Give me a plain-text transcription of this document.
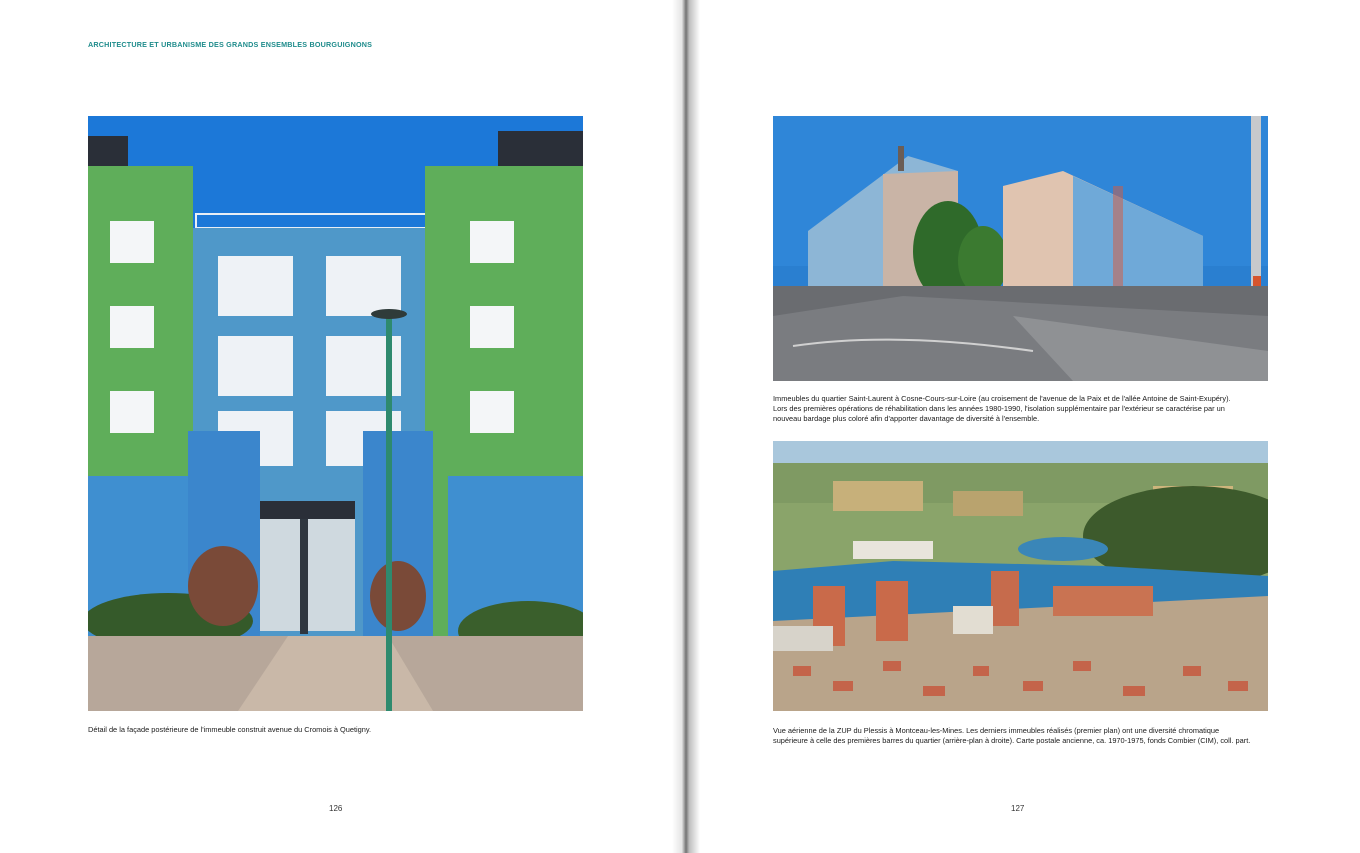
ARCHITECTURE ET URBANISME DES GRANDS ENSEMBLES BOURGUIGNONS
Détail de la façade postérieure de l'immeuble construit avenue du Cromois à Quetigny.
126
Immeubles du quartier Saint-Laurent à Cosne-Cours-sur-Loire (au croisement de l'avenue de la Paix et de l'allée Antoine de Saint-Exupéry).
Lors des premières opérations de réhabilitation dans les années 1980-1990, l'isolation supplémentaire par l'extérieur se caractérise par un
nouveau bardage plus coloré afin d'apporter davantage de diversité à l'ensemble.
Vue aérienne de la ZUP du Plessis à Montceau-les-Mines. Les derniers immeubles réalisés (premier plan) ont une diversité chromatique
supérieure à celle des premières barres du quartier (arrière-plan à droite). Carte postale ancienne, ca. 1970-1975, fonds Combier (CIM), coll. part.
127
